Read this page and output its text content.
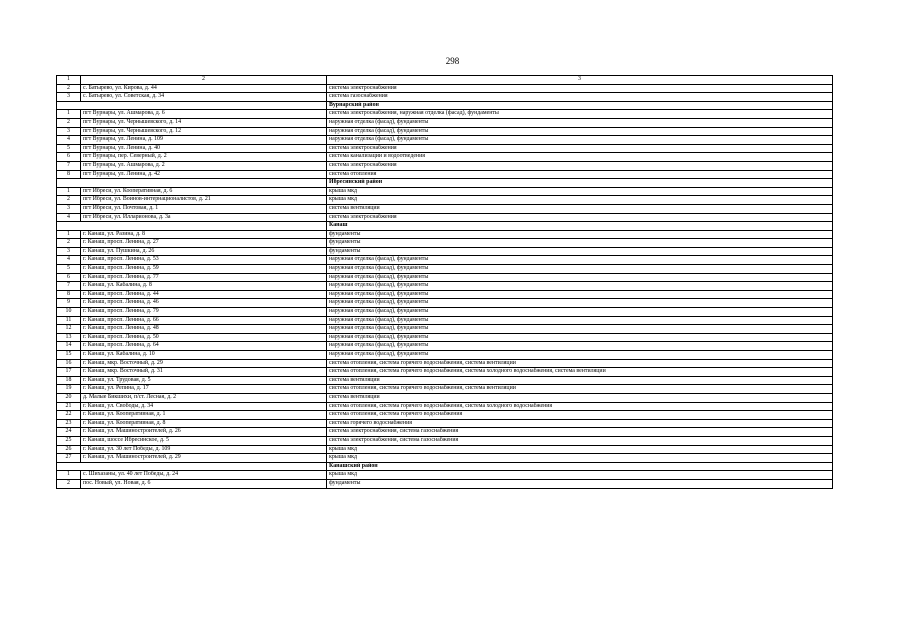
298
1	2	3
2	с. Батырево, ул. Кирова, д. 44	система электроснабжения
3	с. Батырево, ул. Советская, д. 34	система газоснабжения
		Вурнарский район
1	пгт Вурнары, ул. Ашмарова, д. 6	система электроснабжения, наружная отделка (фасад), фундаменты
2	пгт Вурнары, ул. Чернышевского, д. 14	наружная отделка (фасад), фундаменты
3	пгт Вурнары, ул. Чернышевского, д. 12	наружная отделка (фасад), фундаменты
4	пгт Вурнары, ул. Ленина, д. 109	наружная отделка (фасад), фундаменты
5	пгт Вурнары, ул. Ленина, д. 40	система электроснабжения
6	пгт Вурнары, пер. Северный, д. 2	система канализации и водоотведения
7	пгт Вурнары, ул. Ашмарова, д. 2	система электроснабжения
8	пгт Вурнары, ул. Ленина, д. 42	система отопления
		Ибресинский район
1	пгт Ибреси, ул. Кооперативная, д. 6	крыша мкд
2	пгт Ибреси, ул. Воинов-интернационалистов, д. 21	крыша мкд
3	пгт Ибреси, ул. Почтовая, д. 1	система вентиляции
4	пгт Ибреси, ул. Илларионова, д. 3а	система электроснабжения
		Канаш
1	г. Канаш, ул. Разина, д. 8	фундаменты
2	г. Канаш, просп. Ленина, д. 27	фундаменты
3	г. Канаш, ул. Пушкина, д. 26	фундаменты
4	г. Канаш, просп. Ленина, д. 53	наружная отделка (фасад), фундаменты
5	г. Канаш, просп. Ленина, д. 59	наружная отделка (фасад), фундаменты
6	г. Канаш, просп. Ленина, д. 77	наружная отделка (фасад), фундаменты
7	г. Канаш, ул. Кабалина, д. 8	наружная отделка (фасад), фундаменты
8	г. Канаш, просп. Ленина, д. 44	наружная отделка (фасад), фундаменты
9	г. Канаш, просп. Ленина, д. 46	наружная отделка (фасад), фундаменты
10	г. Канаш, просп. Ленина, д. 79	наружная отделка (фасад), фундаменты
11	г. Канаш, просп. Ленина, д. 66	наружная отделка (фасад), фундаменты
12	г. Канаш, просп. Ленина, д. 48	наружная отделка (фасад), фундаменты
13	г. Канаш, просп. Ленина, д. 50	наружная отделка (фасад), фундаменты
14	г. Канаш, просп. Ленина, д. 64	наружная отделка (фасад), фундаменты
15	г. Канаш, ул. Кабалина, д. 10	наружная отделка (фасад), фундаменты
16	г. Канаш, мкр. Восточный, д. 29	система отопления, система горячего водоснабжения, система вентиляции
17	г. Канаш, мкр. Восточный, д. 31	система отопления, система горячего водоснабжения, система холодного водоснабжения, система вентиляции
18	г. Канаш, ул. Трудовая, д. 5	система вентиляции
19	г. Канаш, ул. Репина, д. 17	система отопления, система горячего водоснабжения, система вентиляции
20	д. Малые Бикшихи, п/ст. Лесная, д. 2	система вентиляции
21	г. Канаш, ул. Свободы, д. 34	система отопления, система горячего водоснабжения, система холодного водоснабжения
22	г. Канаш, ул. Кооперативная, д. 1	система отопления, система горячего водоснабжения
23	г. Канаш, ул. Кооперативная, д. 8	система горячего водоснабжения
24	г. Канаш, ул. Машиностроителей, д. 26	система электроснабжения, система газоснабжения
25	г. Канаш, шоссе Ибресинское, д. 5	система электроснабжения, система газоснабжения
26	г. Канаш, ул. 30 лет Победы, д. 109	крыша мкд
27	г. Канаш, ул. Машиностроителей, д. 29	крыша мкд
		Канашский район
1	с. Шихазаны, ул. 40 лет Победы, д. 24	крыша мкд
2	пос. Новый, ул. Новая, д. 6	фундаменты
